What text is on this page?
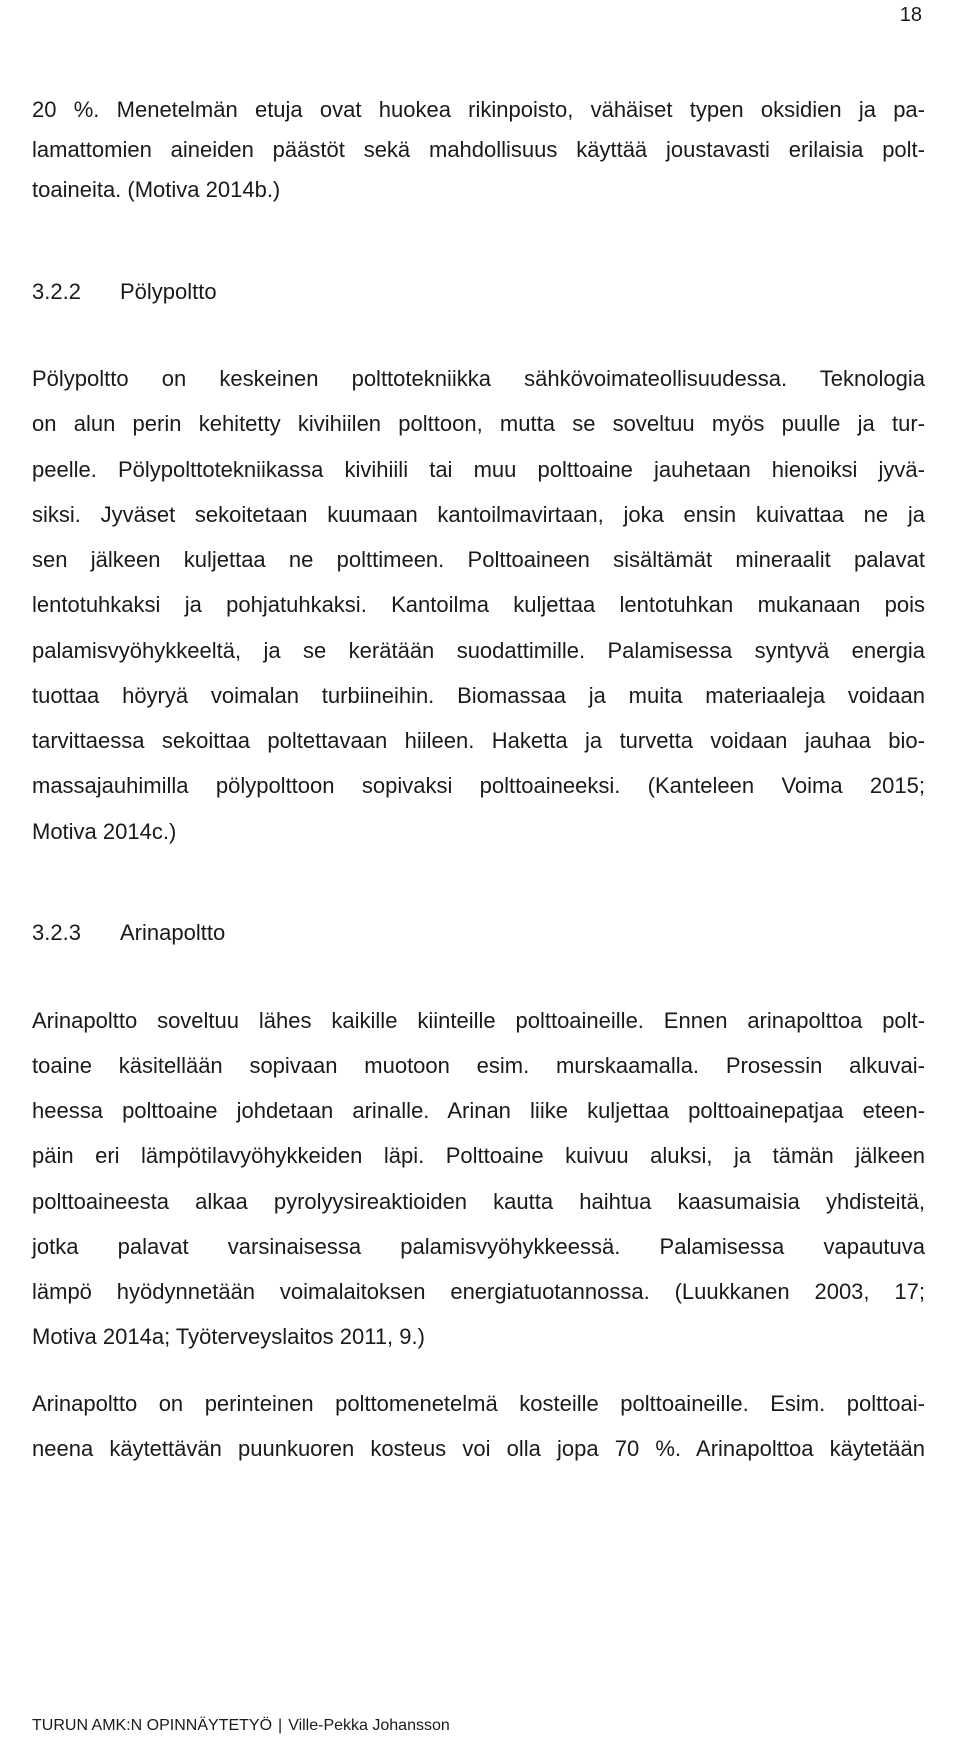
18
20 %. Menetelmän etuja ovat huokea rikinpoisto, vähäiset typen oksidien ja pa-
lamattomien aineiden päästöt sekä mahdollisuus käyttää joustavasti erilaisia polt-
toaineita. (Motiva 2014b.)
3.2.2 Pölypoltto
Pölypoltto on keskeinen polttotekniikka sähkövoimateollisuudessa. Teknologia
on alun perin kehitetty kivihiilen polttoon, mutta se soveltuu myös puulle ja tur-
peelle. Pölypolttotekniikassa kivihiili tai muu polttoaine jauhetaan hienoiksi jyvä-
siksi. Jyväset sekoitetaan kuumaan kantoilmavirtaan, joka ensin kuivattaa ne ja
sen jälkeen kuljettaa ne polttimeen. Polttoaineen sisältämät mineraalit palavat
lentotuhkaksi ja pohjatuhkaksi. Kantoilma kuljettaa lentotuhkan mukanaan pois
palamisvyöhykkeeltä, ja se kerätään suodattimille. Palamisessa syntyvä energia
tuottaa höyryä voimalan turbiineihin. Biomassaa ja muita materiaaleja voidaan
tarvittaessa sekoittaa poltettavaan hiileen. Haketta ja turvetta voidaan jauhaa bio-
massajauhimilla pölypolttoon sopivaksi polttoaineeksi. (Kanteleen Voima 2015;
Motiva 2014c.)
3.2.3 Arinapoltto
Arinapoltto soveltuu lähes kaikille kiinteille polttoaineille. Ennen arinapolttoa polt-
toaine käsitellään sopivaan muotoon esim. murskaamalla. Prosessin alkuvai-
heessa polttoaine johdetaan arinalle. Arinan liike kuljettaa polttoainepatjaa eteen-
päin eri lämpötilavyöhykkeiden läpi. Polttoaine kuivuu aluksi, ja tämän jälkeen
polttoaineesta alkaa pyrolyysireaktioiden kautta haihtua kaasumaisia yhdisteitä,
jotka palavat varsinaisessa palamisvyöhykkeessä. Palamisessa vapautuva
lämpö hyödynnetään voimalaitoksen energiatuotannossa. (Luukkanen 2003, 17;
Motiva 2014a; Työterveyslaitos 2011, 9.)
Arinapoltto on perinteinen polttomenetelmä kosteille polttoaineille. Esim. polttoai-
neena käytettävän puunkuoren kosteus voi olla jopa 70 %. Arinapolttoa käytetään
TURUN AMK:N OPINNÄYTETYÖ | Ville-Pekka Johansson
